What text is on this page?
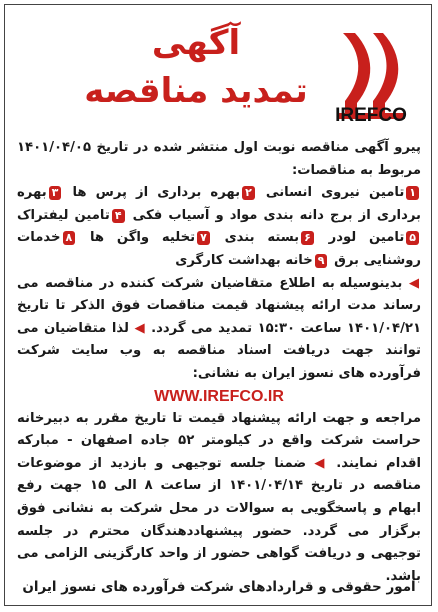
آگهی
تمدید مناقصه
IREFCO

پیرو آگهی مناقصه نوبت اول منتشر شده در تاریخ ۱۴۰۱/۰۴/۰۵ مربوط به مناقصات:

۱تامین نیروی انسانی ۲بهره برداری از پرس ها ۳بهره برداری از برج دانه بندی مواد و آسیاب فکی ۴تامین لیفتراک ۵تامین لودر ۶بسته بندی ۷تخلیه واگن ها ۸خدمات روشنایی برق ۹خانه بهداشت کارگری

◀ بدینوسیله به اطلاع متقاضیان شرکت کننده در مناقصه می رساند مدت ارائه پیشنهاد قیمت مناقصات فوق الذکر تا تاریخ ۱۴۰۱/۰۴/۲۱ ساعت ۱۵:۳۰ تمدید می گردد. ◀ لذا متقاضیان می توانند جهت دریافت اسناد مناقصه به وب سایت شرکت فرآورده های نسوز ایران به نشانی:

WWW.IREFCO.IR

مراجعه و جهت ارائه پیشنهاد قیمت تا تاریخ مقرر به دبیرخانه حراست شرکت واقع در کیلومتر ۵۲ جاده اصفهان - مبارکه اقدام نمایند. ◀ ضمنا جلسه توجیهی و بازدید از موضوعات مناقصه در تاریخ ۱۴۰۱/۰۴/۱۴ از ساعت ۸ الی ۱۵ جهت رفع ابهام و پاسخگویی به سوالات در محل شرکت به نشانی فوق برگزار می گردد. حضور پیشنهاددهندگان محترم در جلسه توجیهی و دریافت گواهی حضور از واحد کارگزینی الزامی می باشد.

امور حقوقی و قراردادهای شرکت فرآورده های نسوز ایران
